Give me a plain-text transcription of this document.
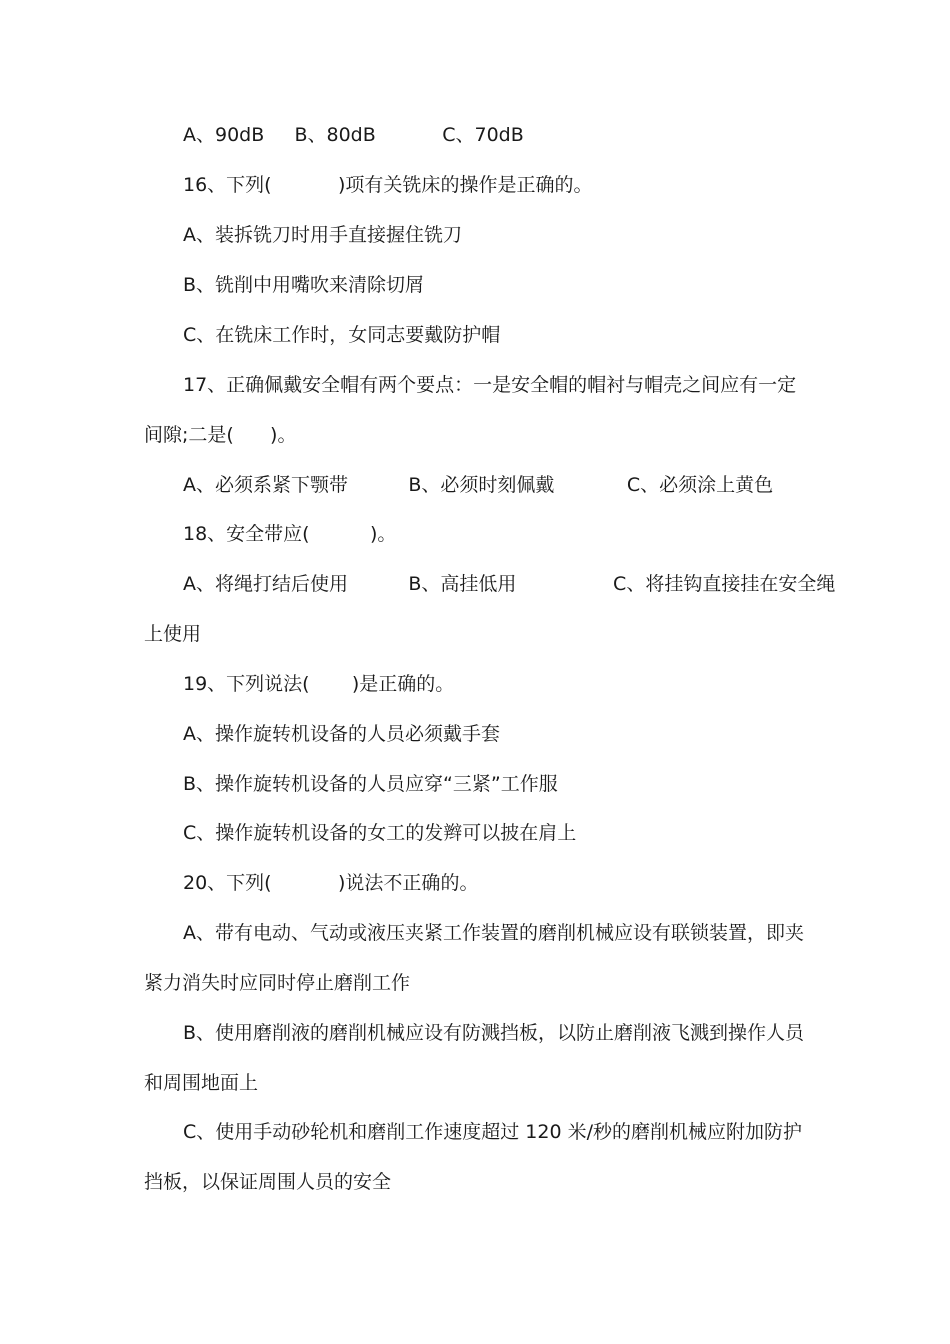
A、90dB     B、80dB           C、70dB
16、下列(           )项有关铣床的操作是正确的。
A、装拆铣刀时用手直接握住铣刀
B、铣削中用嘴吹来清除切屑
C、在铣床工作时，女同志要戴防护帽
17、正确佩戴安全帽有两个要点：一是安全帽的帽衬与帽壳之间应有一定
间隙;二是(      )。
A、必须系紧下颚带          B、必须时刻佩戴            C、必须涂上黄色
18、安全带应(          )。
A、将绳打结后使用          B、高挂低用                C、将挂钩直接挂在安全绳
上使用
19、下列说法(       )是正确的。
A、操作旋转机设备的人员必须戴手套
B、操作旋转机设备的人员应穿“三紧”工作服
C、操作旋转机设备的女工的发辫可以披在肩上
20、下列(           )说法不正确的。
A、带有电动、气动或液压夹紧工作装置的磨削机械应设有联锁装置，即夹
紧力消失时应同时停止磨削工作
B、使用磨削液的磨削机械应设有防溅挡板，以防止磨削液飞溅到操作人员
和周围地面上
C、使用手动砂轮机和磨削工作速度超过 120 米/秒的磨削机械应附加防护
挡板，以保证周围人员的安全
